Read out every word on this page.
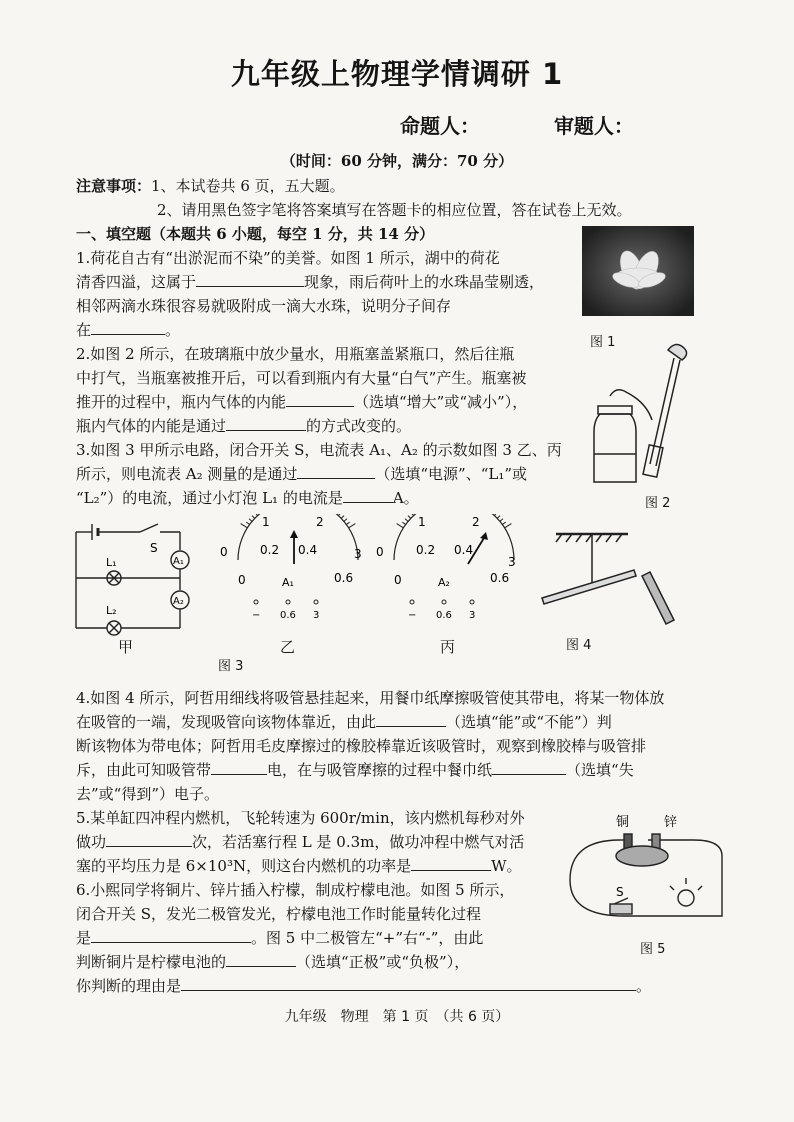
九年级上物理学情调研 1
命题人：	审题人：
（时间：60 分钟，满分：70 分）
注意事项：1、本试卷共 6 页，五大题。
2、请用黑色签字笔将答案填写在答题卡的相应位置，答在试卷上无效。
一、填空题（本题共 6 小题，每空 1 分，共 14 分）
1.荷花自古有“出淤泥而不染”的美誉。如图 1 所示，湖中的荷花
清香四溢，这属于	现象，雨后荷叶上的水珠晶莹剔透，
相邻两滴水珠很容易就吸附成一滴大水珠，说明分子间存
在	。
图 1
2.如图 2 所示，在玻璃瓶中放少量水，用瓶塞盖紧瓶口，然后往瓶
中打气，当瓶塞被推开后，可以看到瓶内有大量“白气”产生。瓶塞被
推开的过程中，瓶内气体的内能	（选填“增大”或“减小”），
瓶内气体的内能是通过	的方式改变的。
图 2
3.如图 3 甲所示电路，闭合开关 S，电流表 A₁、A₂ 的示数如图 3 乙、丙
所示，则电流表 A₂ 测量的是通过	（选填“电源”、“L₁”或
“L₂”）的电流，通过小灯泡 L₁ 的电流是	A。
S
L₁
L₂
A₁
A₂
甲
1	2
3
0
0
0.2 0.4
0.6
A₁
− 0.6 3
乙
1	2
3
0
0
0.2 0.4
0.6
A₂
− 0.6 3
丙
图 3
图 4
4.如图 4 所示，阿哲用细线将吸管悬挂起来，用餐巾纸摩擦吸管使其带电，将某一物体放
在吸管的一端，发现吸管向该物体靠近，由此	（选填“能”或“不能”）判
断该物体为带电体；阿哲用毛皮摩擦过的橡胶棒靠近该吸管时，观察到橡胶棒与吸管排
斥，由此可知吸管带	电，在与吸管摩擦的过程中餐巾纸	（选填“失
去”或“得到”）电子。
5.某单缸四冲程内燃机，飞轮转速为 600r/min，该内燃机每秒对外
做功	次，若活塞行程 L 是 0.3m，做功冲程中燃气对活
塞的平均压力是 6×10³N，则这台内燃机的功率是	W。
铜	锌
S
图 5
6.小熙同学将铜片、锌片插入柠檬，制成柠檬电池。如图 5 所示，
闭合开关 S，发光二极管发光，柠檬电池工作时能量转化过程
是	。图 5 中二极管左“+”右“-”，由此
判断铜片是柠檬电池的	（选填“正极”或“负极”），
你判断的理由是	。
九年级　物理　第 1 页　（共 6 页）
